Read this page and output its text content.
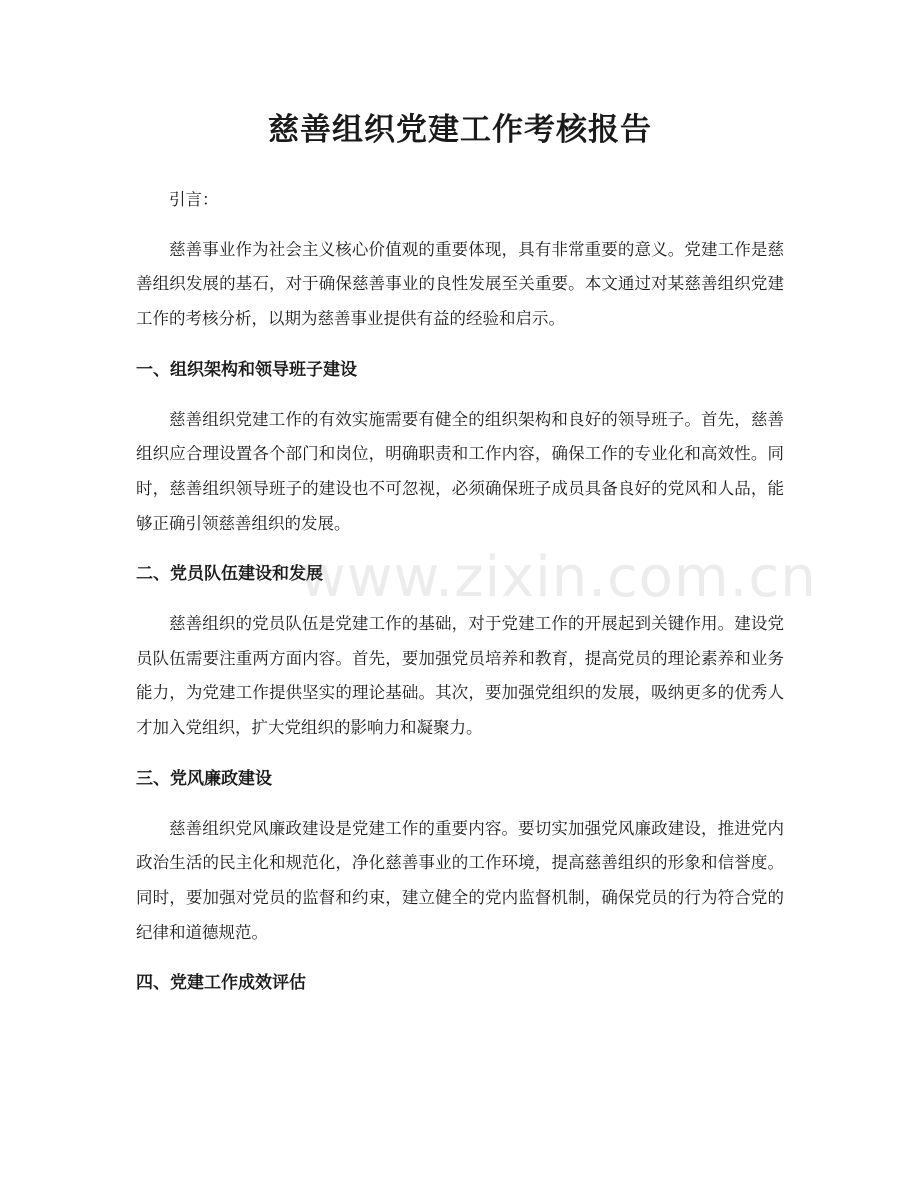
慈善组织党建工作考核报告

引言：

慈善事业作为社会主义核心价值观的重要体现，具有非常重要的意义。党建工作是慈善组织发展的基石，对于确保慈善事业的良性发展至关重要。本文通过对某慈善组织党建工作的考核分析，以期为慈善事业提供有益的经验和启示。

一、组织架构和领导班子建设

慈善组织党建工作的有效实施需要有健全的组织架构和良好的领导班子。首先，慈善组织应合理设置各个部门和岗位，明确职责和工作内容，确保工作的专业化和高效性。同时，慈善组织领导班子的建设也不可忽视，必须确保班子成员具备良好的党风和人品，能够正确引领慈善组织的发展。

二、党员队伍建设和发展

慈善组织的党员队伍是党建工作的基础，对于党建工作的开展起到关键作用。建设党员队伍需要注重两方面内容。首先，要加强党员培养和教育，提高党员的理论素养和业务能力，为党建工作提供坚实的理论基础。其次，要加强党组织的发展，吸纳更多的优秀人才加入党组织，扩大党组织的影响力和凝聚力。

三、党风廉政建设

慈善组织党风廉政建设是党建工作的重要内容。要切实加强党风廉政建设，推进党内政治生活的民主化和规范化，净化慈善事业的工作环境，提高慈善组织的形象和信誉度。同时，要加强对党员的监督和约束，建立健全的党内监督机制，确保党员的行为符合党的纪律和道德规范。

四、党建工作成效评估
www.zixin.com.cn
